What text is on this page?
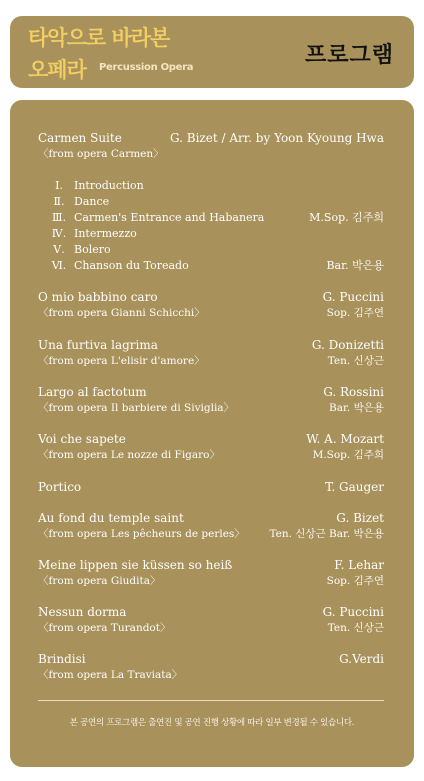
타악으로 바라본
오페라 Percussion Opera	프로그램
Carmen Suite	G. Bizet / Arr. by Yoon Kyoung Hwa
〈from opera Carmen〉
Ⅰ. Introduction
Ⅱ. Dance
Ⅲ. Carmen's Entrance and Habanera	M.Sop. 김주희
Ⅳ. Intermezzo
Ⅴ. Bolero
Ⅵ. Chanson du Toreado	Bar. 박은용
O mio babbino caro	G. Puccini
〈from opera Gianni Schicchi〉	Sop. 김주연
Una furtiva lagrima	G. Donizetti
〈from opera L'elisir d'amore〉	Ten. 신상근
Largo al factotum	G. Rossini
〈from opera Il barbiere di Siviglia〉	Bar. 박은용
Voi che sapete	W. A. Mozart
〈from opera Le nozze di Figaro〉	M.Sop. 김주희
Portico	T. Gauger
Au fond du temple saint	G. Bizet
〈from opera Les pêcheurs de perles〉 Ten. 신상근 Bar. 박은용
Meine lippen sie küssen so heiß	F. Lehar
〈from opera Giudita〉	Sop. 김주연
Nessun dorma	G. Puccini
〈from opera Turandot〉	Ten. 신상근
Brindisi	G.Verdi
〈from opera La Traviata〉
본 공연의 프로그램은 출연진 및 공연 진행 상황에 따라 일부 변경될 수 있습니다.
